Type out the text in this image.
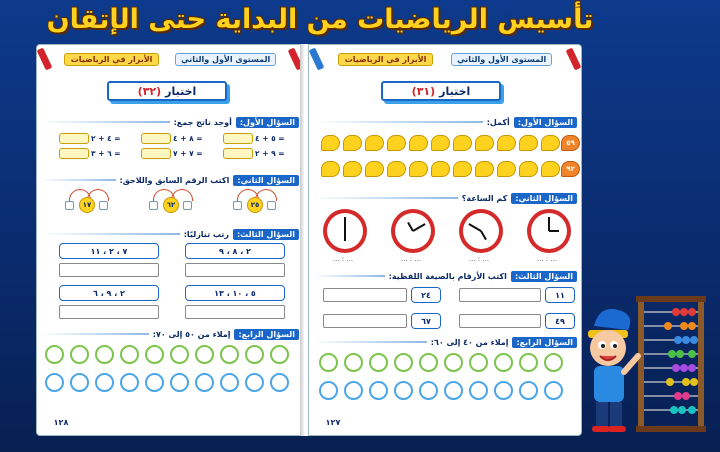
تأسيس الرياضيات من البداية حتى الإتقان
المستوى الأول والثاني
الأبرار في الرياضيات
اختبار
(٣٢)
السؤال الأول:
أوجد ناتج جمع:
٥ + ٤ =
٩ + ٢ =
٨ + ٤ =
٧ + ٧ =
٤ + ٢ =
٦ + ٣ =
السؤال الثاني:
اكتب الرقم السابق واللاحق:
٢٥
٦٢
١٧
السؤال الثالث:
رتب تنازليًا:
٢ ، ٨ ، ٩
٧ ، ٢ ، ١١
٥ ، ١٠ ، ١٣
٢ ، ٩ ، ٦
السؤال الرابع:
إملاء من ٥٠ إلى ٧٠:
١٢٨
المستوى الأول والثاني
الأبرار في الرياضيات
اختبار
(٣١)
السؤال الأول:
أكمل:
٥٩
٩٢
السؤال الثاني:
كم الساعة؟
... : ...
... : ...
... : ...
... : ...
السؤال الثالث:
اكتب الأرقام بالصيغة اللفظية:
١١
٢٤
٤٩
٦٧
السؤال الرابع:
إملاء من ٤٠ إلى ٦٠:
١٢٧
